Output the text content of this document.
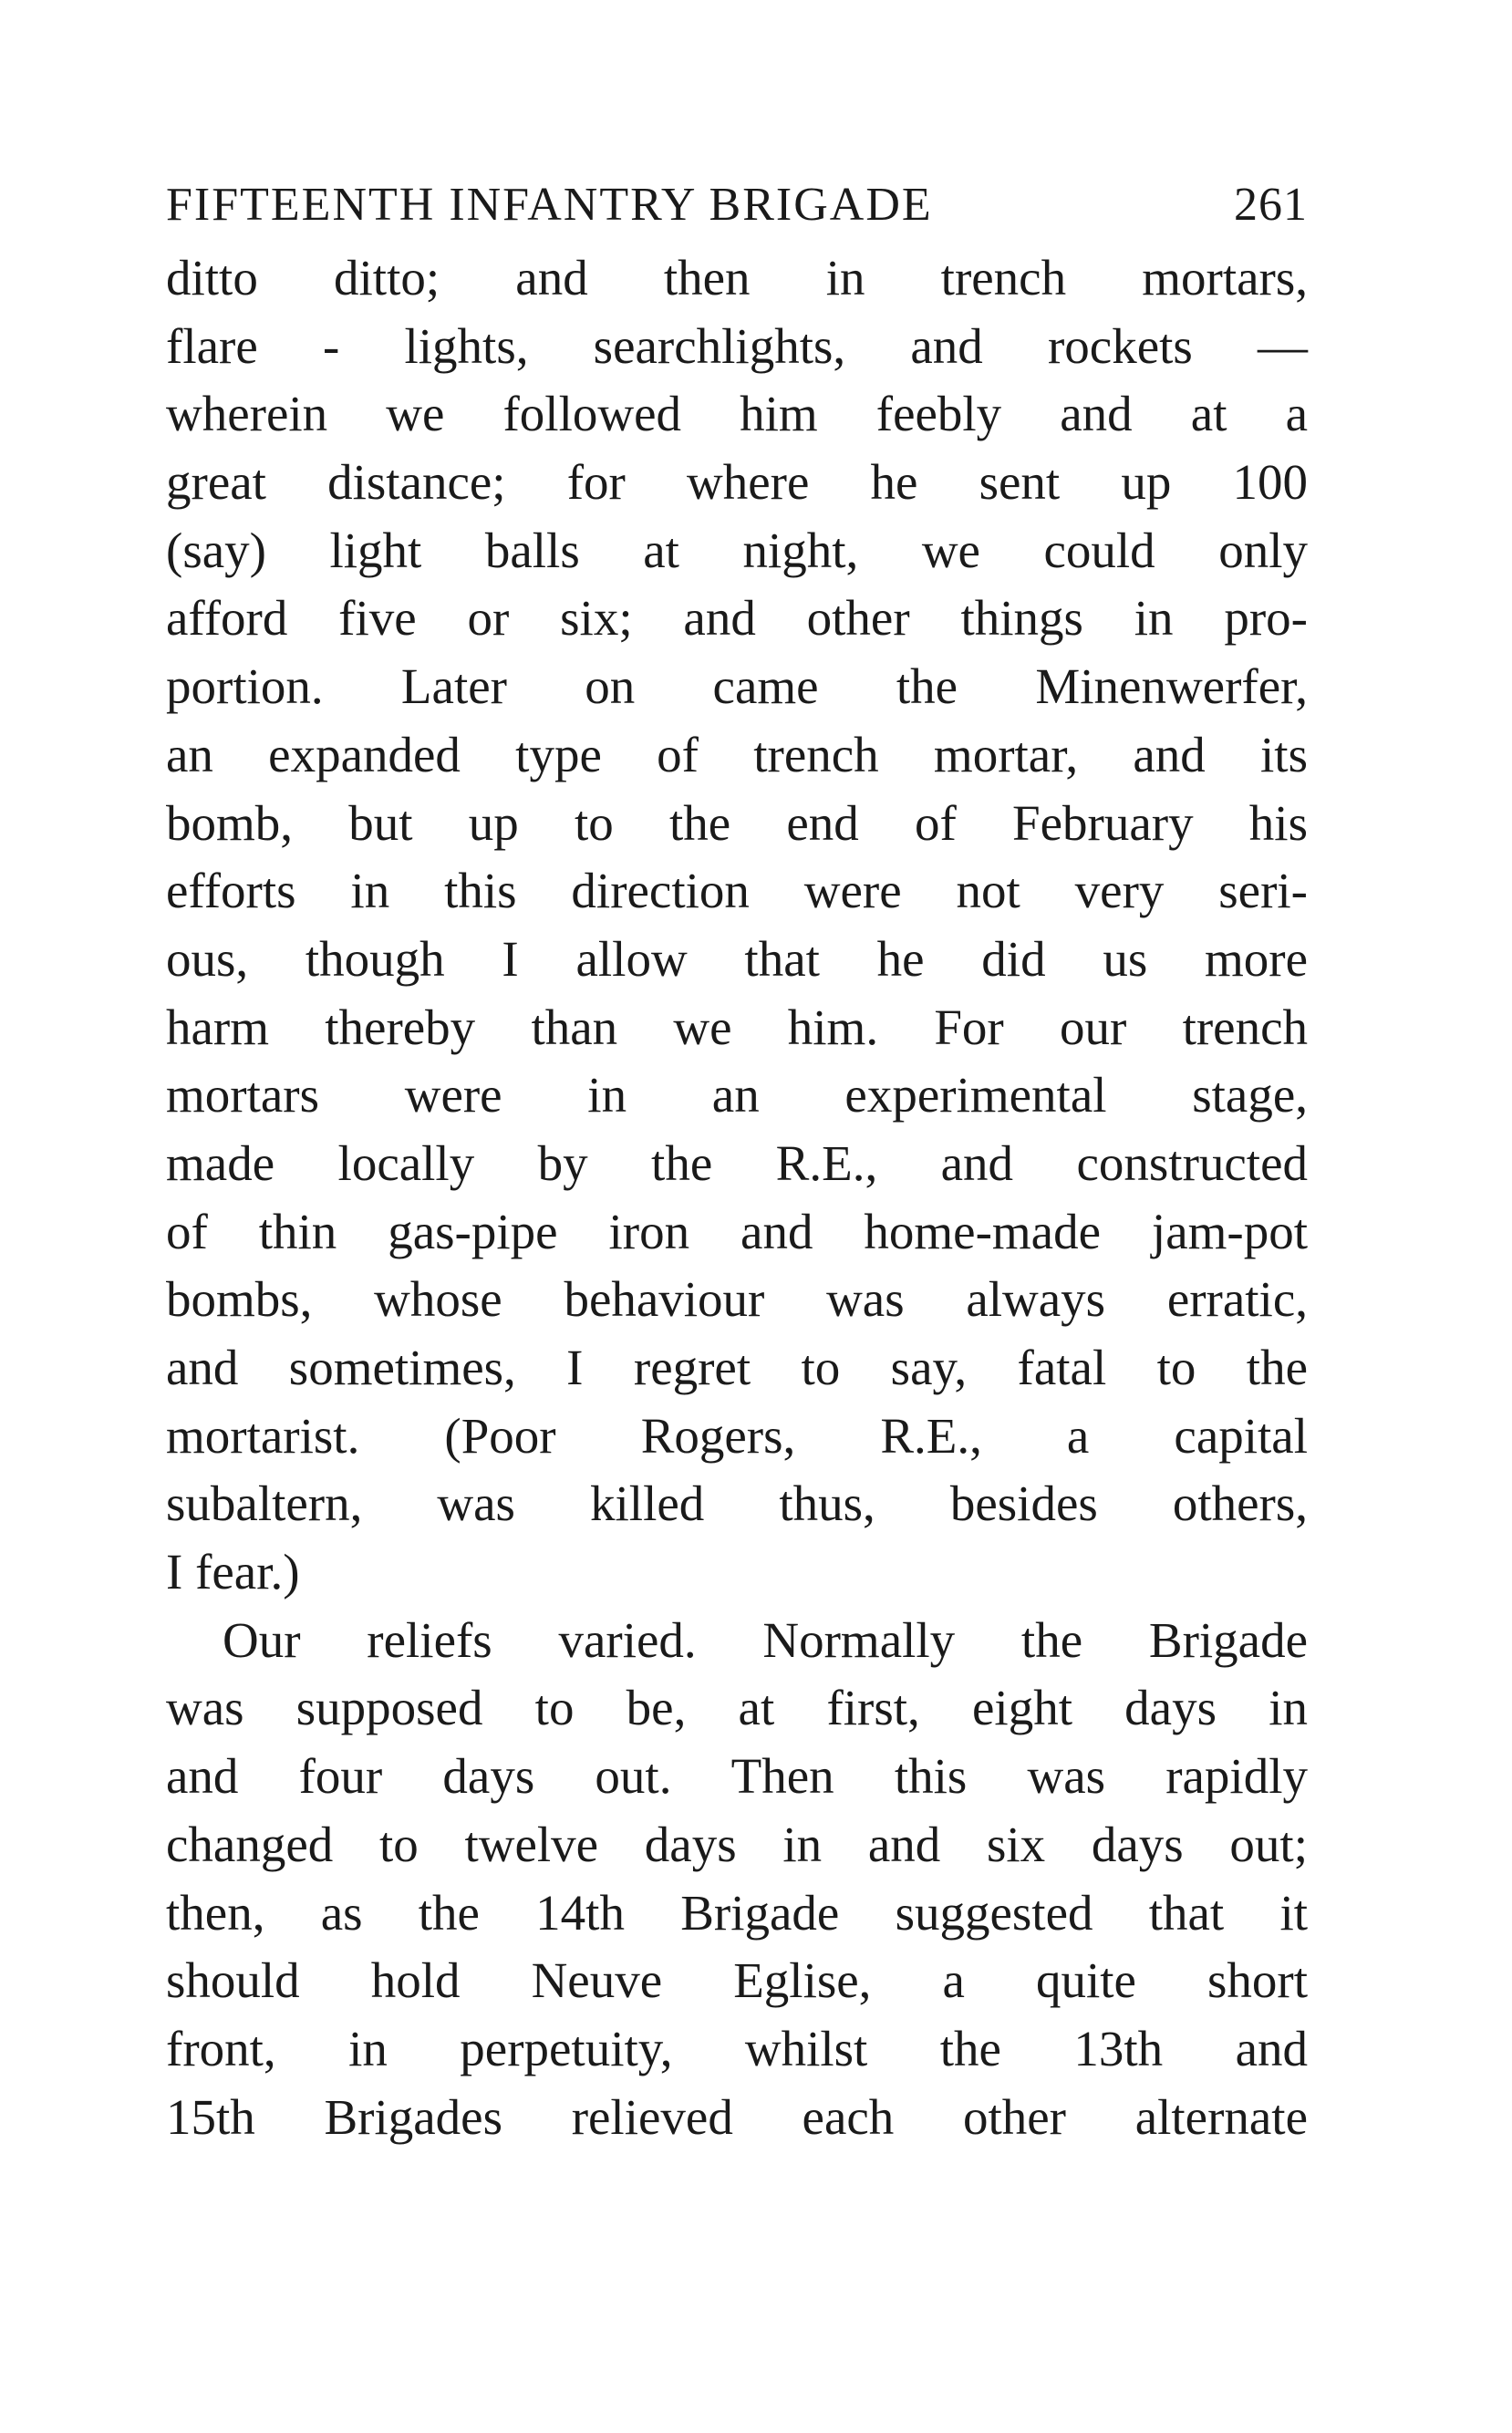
FIFTEENTH INFANTRY BRIGADE	261
ditto ditto; and then in trench mortars,
flare - lights, searchlights, and rockets —
wherein we followed him feebly and at a
great distance; for where he sent up 100
(say) light balls at night, we could only
afford five or six; and other things in pro-
portion. Later on came the Minenwerfer,
an expanded type of trench mortar, and its
bomb, but up to the end of February his
efforts in this direction were not very seri-
ous, though I allow that he did us more
harm thereby than we him. For our trench
mortars were in an experimental stage,
made locally by the R.E., and constructed
of thin gas-pipe iron and home-made jam-pot
bombs, whose behaviour was always erratic,
and sometimes, I regret to say, fatal to the
mortarist. (Poor Rogers, R.E., a capital
subaltern, was killed thus, besides others,
I fear.)
Our reliefs varied. Normally the Brigade
was supposed to be, at first, eight days in
and four days out. Then this was rapidly
changed to twelve days in and six days out;
then, as the 14th Brigade suggested that it
should hold Neuve Eglise, a quite short
front, in perpetuity, whilst the 13th and
15th Brigades relieved each other alternate
